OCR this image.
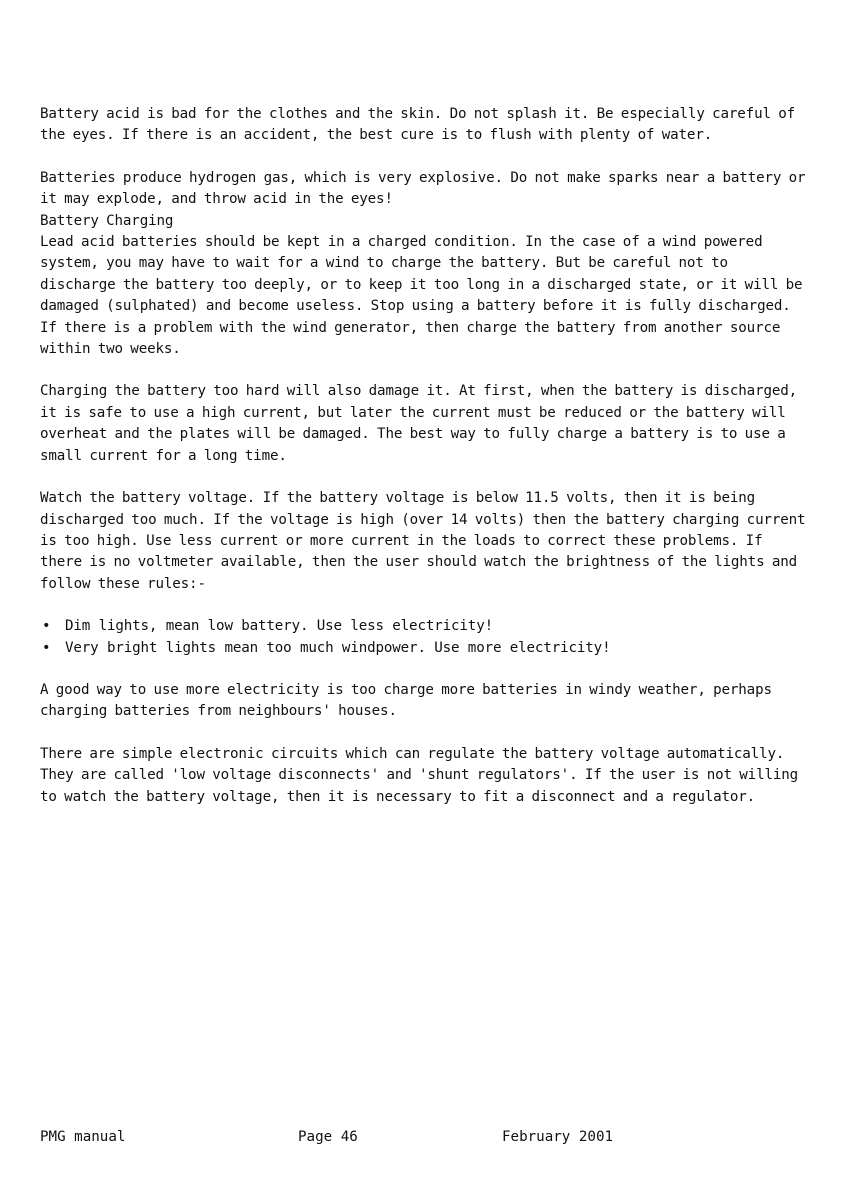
Battery acid is bad for the clothes and the skin. Do not splash it. Be especially careful of the eyes. If there is an accident, the best cure is to flush with plenty of water.

Batteries produce hydrogen gas, which is very explosive. Do not make sparks near a battery or it may explode, and throw acid in the eyes!

Battery Charging

Lead acid batteries should be kept in a charged condition. In the case of a wind powered system, you may have to wait for a wind to charge the battery. But be careful not to discharge the battery too deeply, or to keep it too long in a discharged state, or it will be damaged (sulphated) and become useless. Stop using a battery before it is fully discharged. If there is a problem with the wind generator, then charge the battery from another source within two weeks.

Charging the battery too hard will also damage it. At first, when the battery is discharged, it is safe to use a high current, but later the current must be reduced or the battery will overheat and the plates will be damaged. The best way to fully charge a battery is to use a small current for a long time.

Watch the battery voltage. If the battery voltage is below 11.5 volts, then it is being discharged too much. If the voltage is high (over 14 volts) then the battery charging current is too high. Use less current or more current in the loads to correct these problems. If there is no voltmeter available, then the user should watch the brightness of the lights and follow these rules:-

• Dim lights, mean low battery. Use less electricity!
• Very bright lights mean too much windpower. Use more electricity!

A good way to use more electricity is too charge more batteries in windy weather, perhaps charging batteries from neighbours' houses.

There are simple electronic circuits which can regulate the battery voltage automatically. They are called 'low voltage disconnects' and 'shunt regulators'. If the user is not willing to watch the battery voltage, then it is necessary to fit a disconnect and a regulator.

PMG manual	Page 46	February 2001
